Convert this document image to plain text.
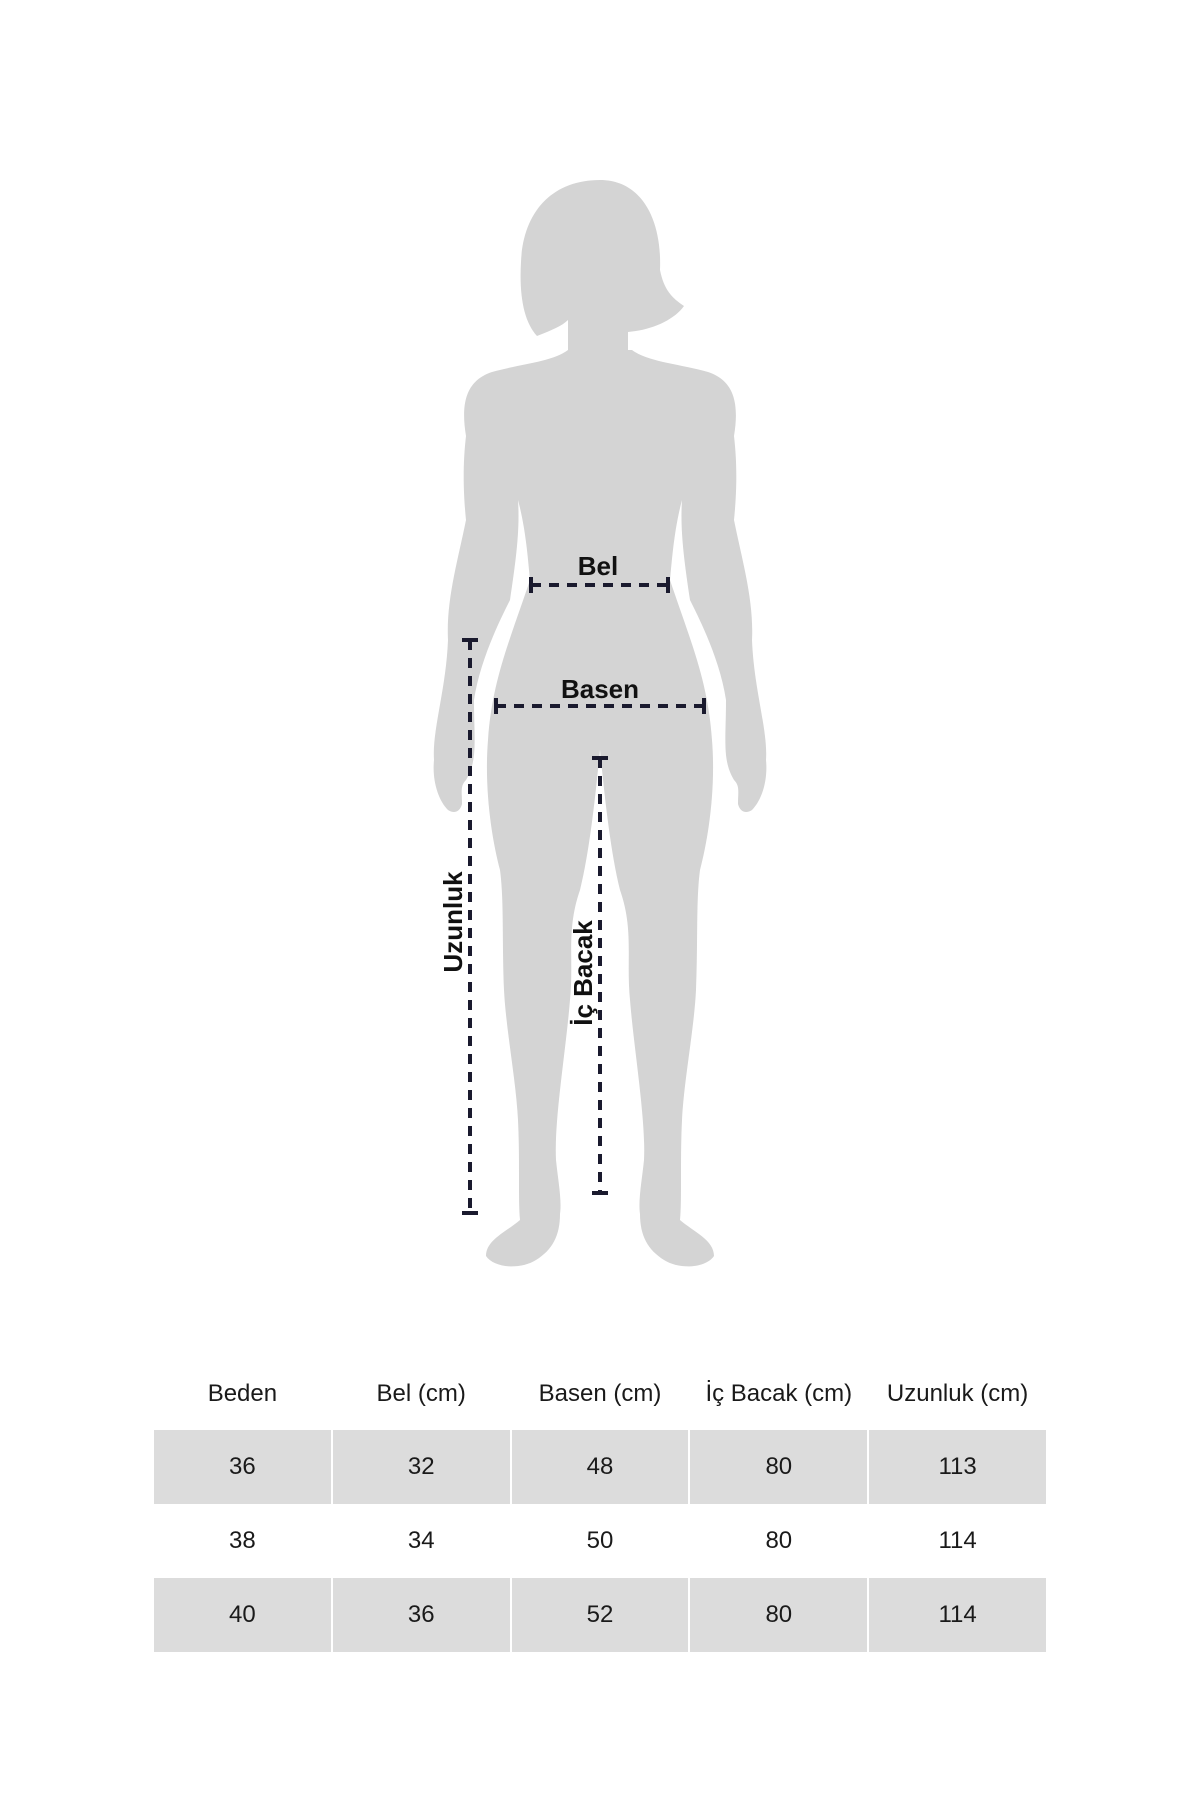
Bel
Basen
Uzunluk	İç Bacak
Beden	Bel (cm)	Basen (cm)	İç Bacak (cm)	Uzunluk (cm)
36	32	48	80	113
38	34	50	80	114
40	36	52	80	114
